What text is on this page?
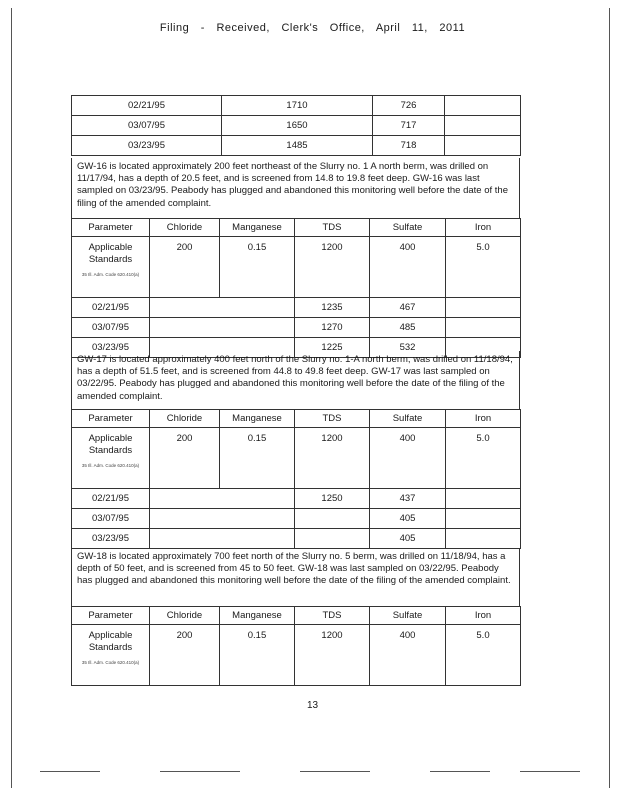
Filing - Received, Clerk's Office, April 11, 2011
02/21/95	1710	726	
03/07/95	1650	717	
03/23/95	1485	718	
GW-16 is located approximately 200 feet northeast of the Slurry no. 1 A north berm, was drilled on 11/17/94, has a depth of 20.5 feet, and is screened from 14.8 to 19.8 feet deep. GW-16 was last sampled on 03/23/95. Peabody has plugged and abandoned this monitoring well before the date of the filing of the amended complaint.
Parameter	Chloride	Manganese	TDS	Sulfate	Iron

Applicable Standards
35 Ill. Adm. Code 620.410(a)	200	0.15	1200	400	5.0
02/21/95			1235	467	
03/07/95			1270	485	
03/23/95			1225	532	
GW-17 is located approximately 400 feet north of the Slurry no. 1-A north berm, was drilled on 11/18/94, has a depth of 51.5 feet, and is screened from 44.8 to 49.8 feet deep. GW-17 was last sampled on 03/22/95. Peabody has plugged and abandoned this monitoring well before the date of the filing of the amended complaint.
Parameter	Chloride	Manganese	TDS	Sulfate	Iron

Applicable Standards
35 Ill. Adm. Code 620.410(a)	200	0.15	1200	400	5.0
02/21/95			1250	437	
03/07/95				405	
03/23/95				405	
GW-18 is located approximately 700 feet north of the Slurry no. 5 berm, was drilled on 11/18/94, has a depth of 50 feet, and is screened from 45 to 50 feet. GW-18 was last sampled on 03/22/95. Peabody has plugged and abandoned this monitoring well before the date of the filing of the amended complaint.
Parameter	Chloride	Manganese	TDS	Sulfate	Iron

Applicable Standards
35 Ill. Adm. Code 620.410(a)	200	0.15	1200	400	5.0
13
